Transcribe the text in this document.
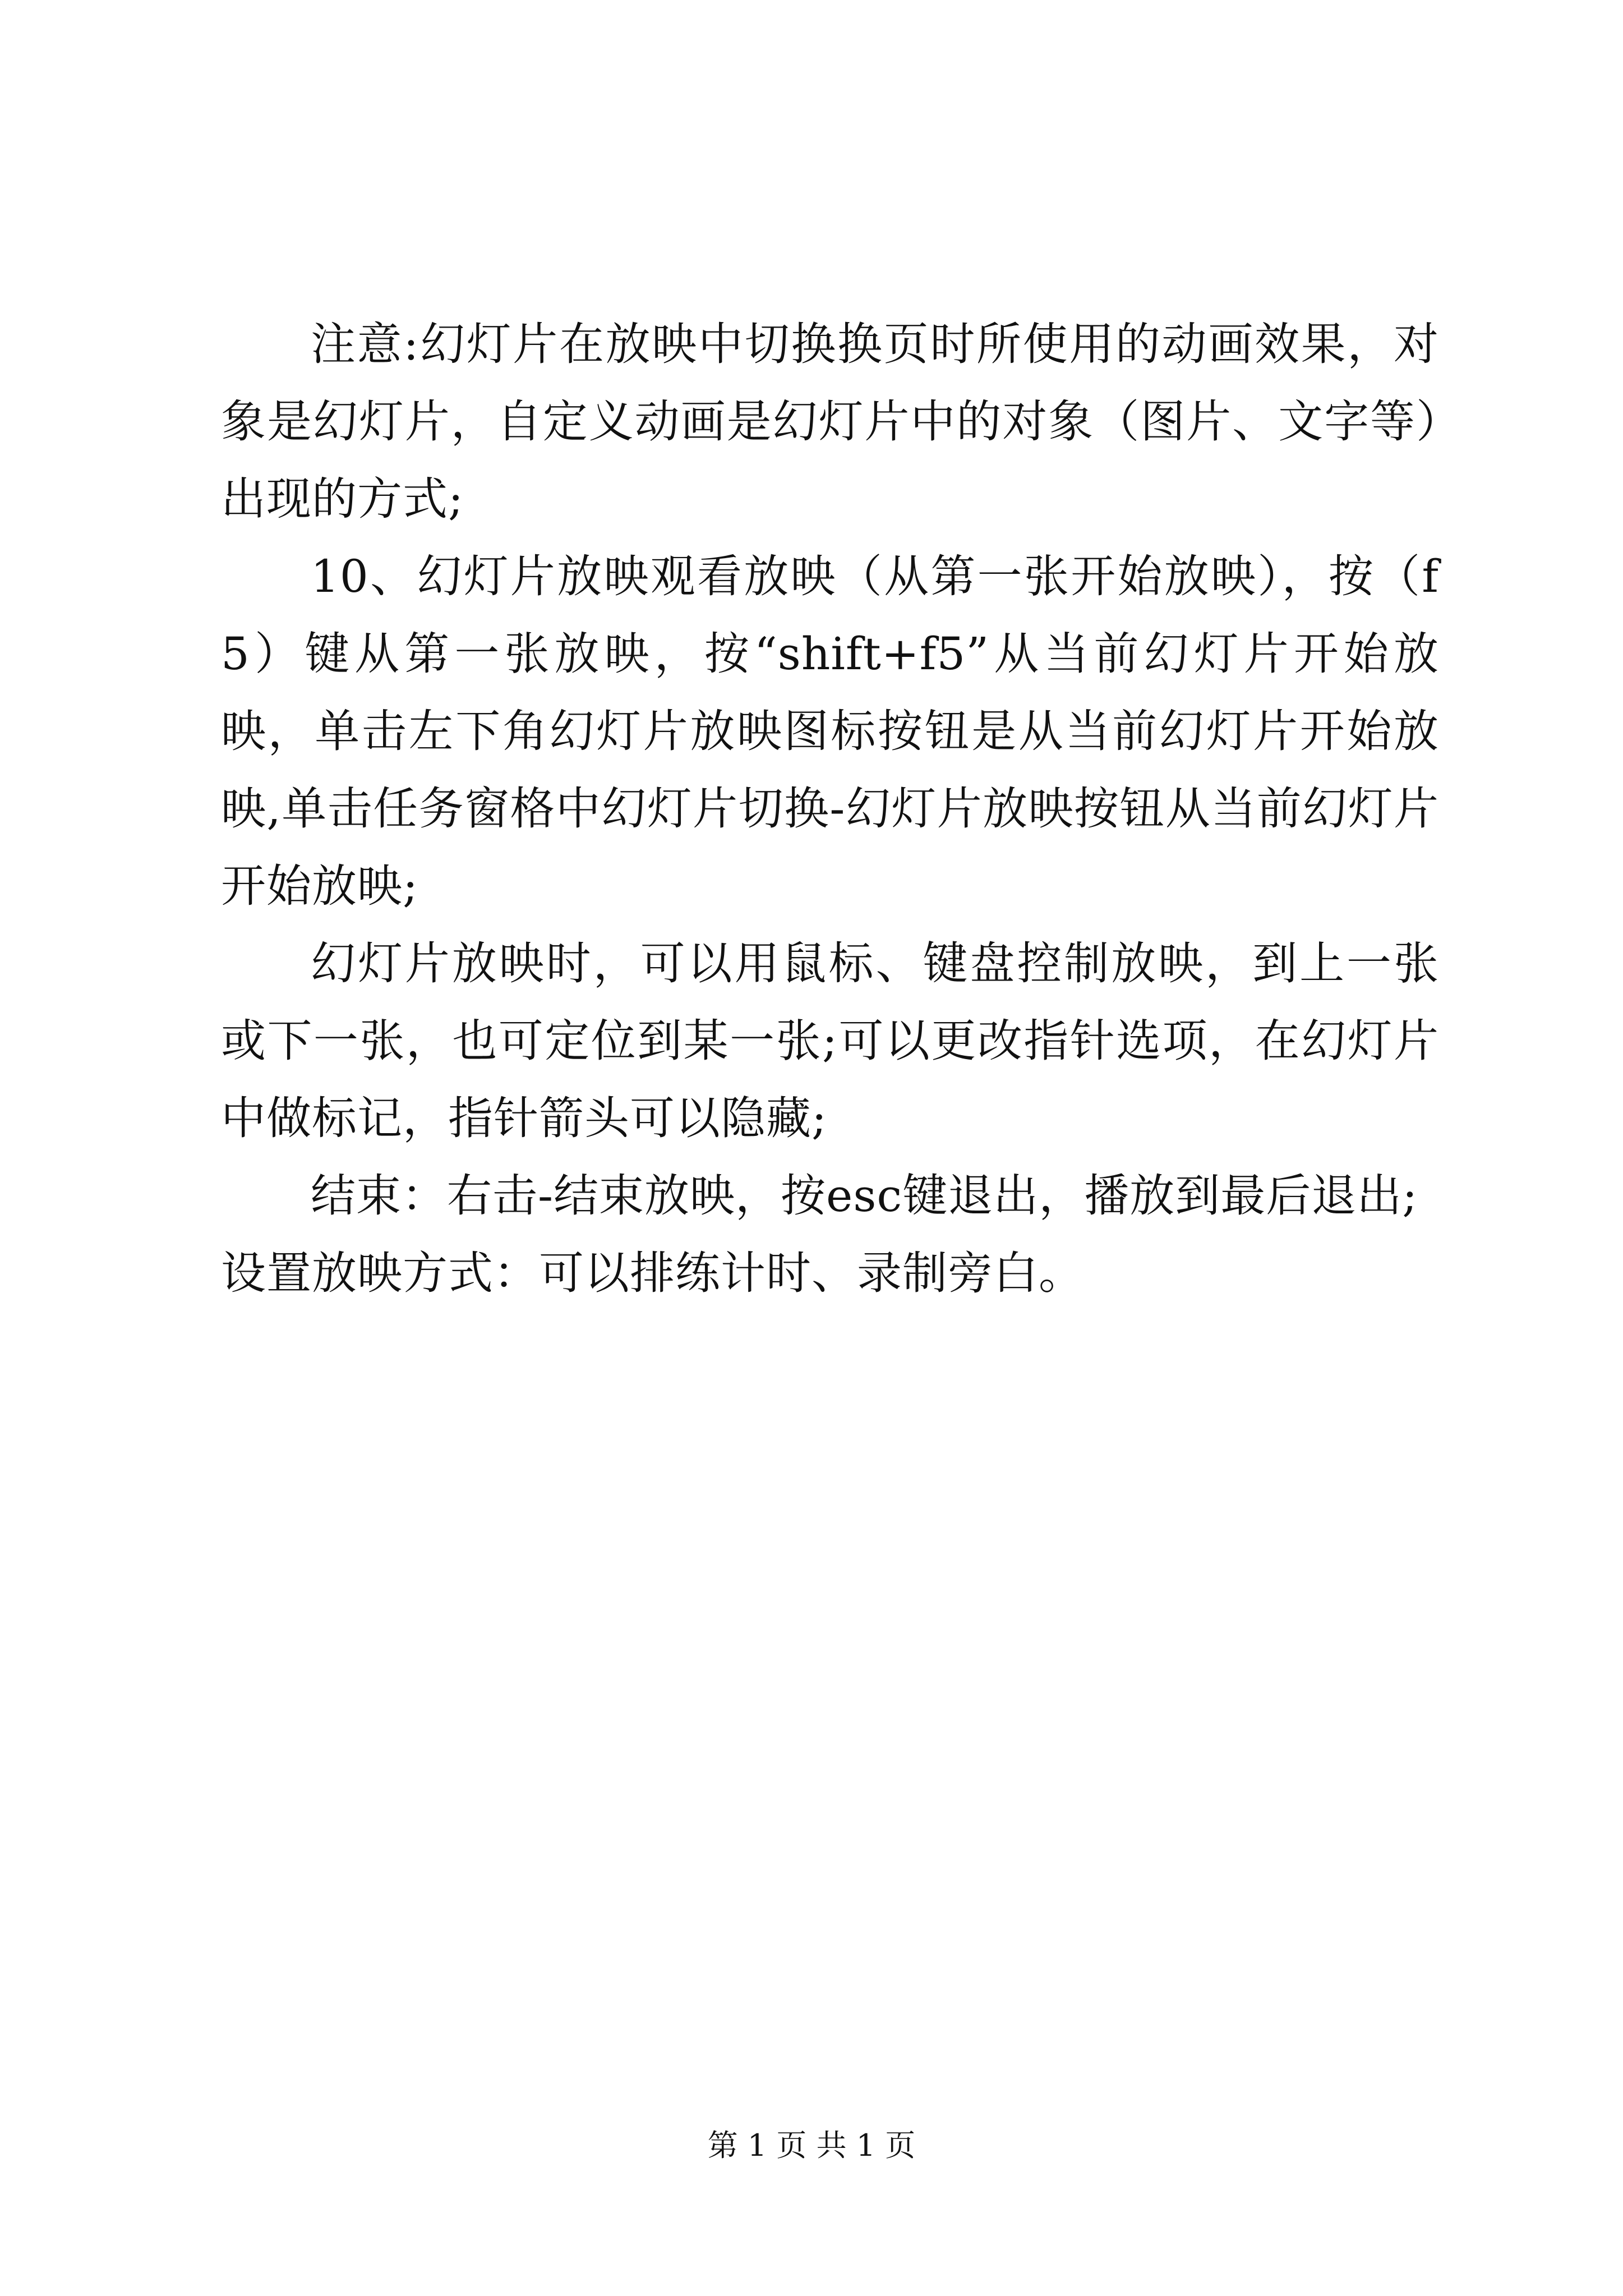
注意:幻灯片在放映中切换换页时所使用的动画效果，对象是幻灯片，自定义动画是幻灯片中的对象（图片、文字等）出现的方式;

10、幻灯片放映观看放映（从第一张开始放映），按（f5）键从第一张放映，按“shift+f5”从当前幻灯片开始放映，单击左下角幻灯片放映图标按钮是从当前幻灯片开始放映,单击任务窗格中幻灯片切换-幻灯片放映按钮从当前幻灯片开始放映;

幻灯片放映时，可以用鼠标、键盘控制放映，到上一张或下一张，也可定位到某一张;可以更改指针选项，在幻灯片中做标记，指针箭头可以隐藏;

结束：右击-结束放映，按esc键退出，播放到最后退出;

设置放映方式：可以排练计时、录制旁白。

第 1 页 共 1 页
